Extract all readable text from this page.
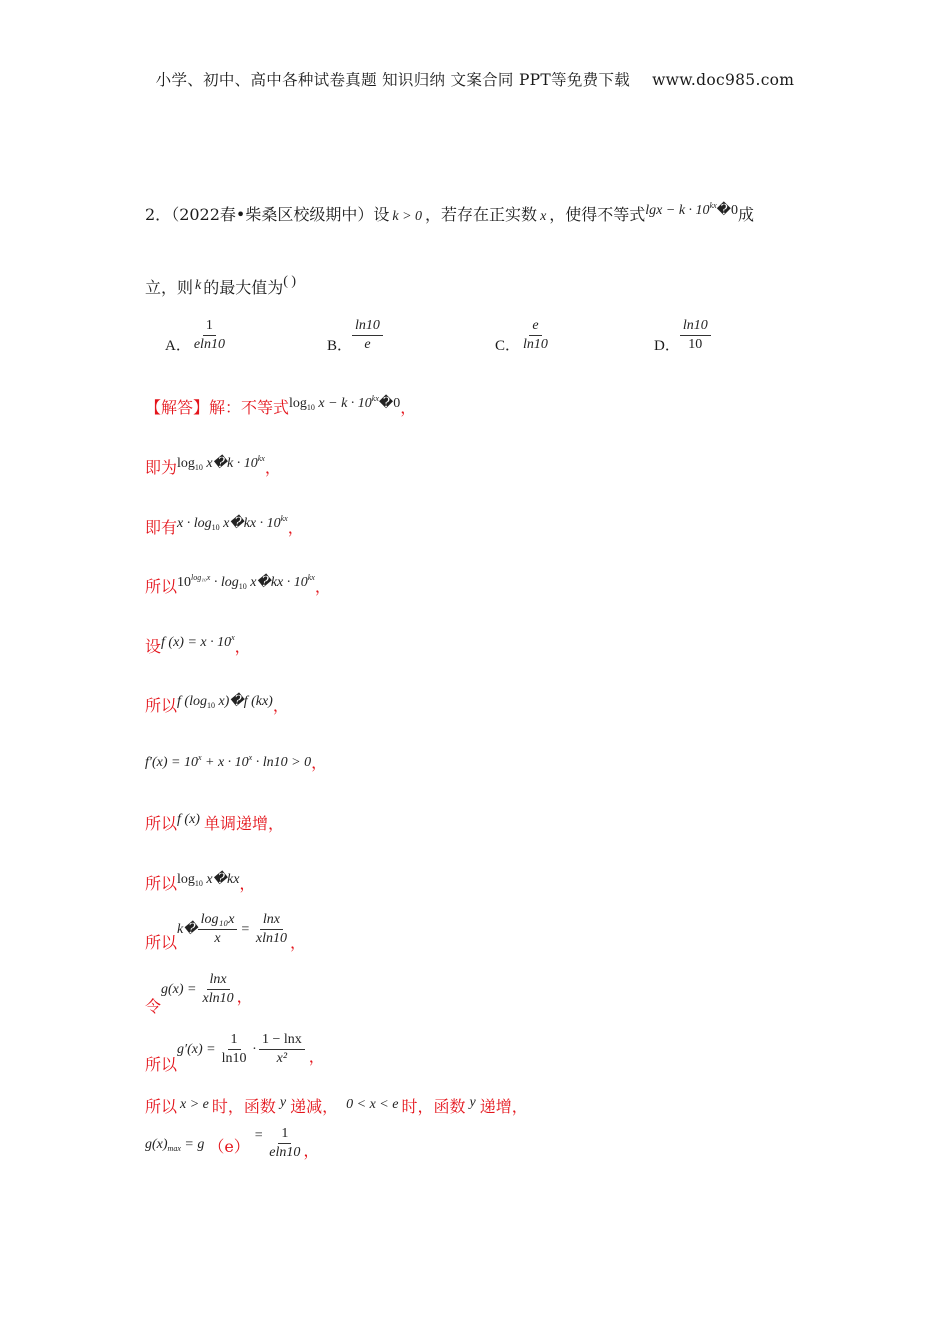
小学、初中、高中各种试卷真题 知识归纳 文案合同 PPT等免费下载 www.doc985.com
2．（2022春•柴桑区校级期中）设 k > 0 ，若存在正实数 x ，使得不等式$\lg x - k \cdot 10^{kx}�0$成
立，则 k 的最大值为( )
A． $\frac{1}{eln10}$	B． $\frac{\ln 10}{e}$	C． $\frac{e}{\ln 10}$	D． $\frac{\ln 10}{10}$
【解答】解：不等式$\log_{10} x - k$ · $10^{kx}�0$，
即为$\log_{10}$ x�k · $10^{kx}$，
即有$x \cdot \log_{10}$ x�kx · $10^{kx}$，
所以$10^{log_{10}x} \cdot \log_{10}$ x�kx · $10^{kx}$，
设f $(x) = x \cdot 10^x$，
所以f ($\log_{10}$ x)�f (kx)，
$f'(x) = 10^x + x \cdot 10^x \cdot \ln 10 > 0$，
所以f (x) 单调递增，
所以$\log_{10}$ x�kx，
所以
k� $\frac{\text{log₁₀x}}{x} = \frac{\ln x}{xln10}$ ，
令
$g(x) = \frac{\ln x}{xln10}$ ，
所以
$g'(x) = \frac{1}{\ln 10} \cdot \frac{1 - \ln x}{\text{x²}}$ ，
所以 x > e 时，函数 y 递减， 0 < x < e 时，函数 y 递增，
$g(x)_{max} = g$ （e）
= $\frac{1}{eln10}$ ，
